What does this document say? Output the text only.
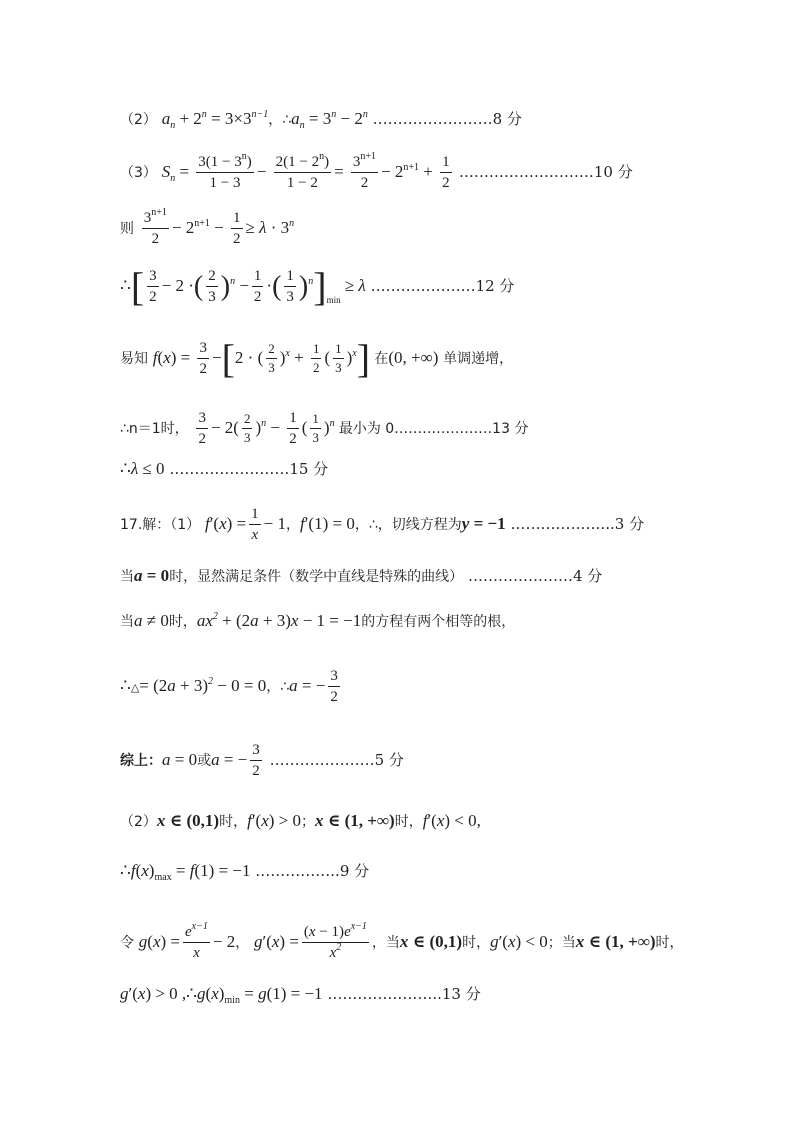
（2） $a_n + 2^n = 3\times 3^{n-1}$，$\therefore a_n = 3^n - 2^n$ ……………………8 分
（3） $S_n = \frac{3(1 - 3^n)}{1 - 3} - \frac{2(1 - 2^n)}{1 - 2} = \frac{3^{n+1}}{2} - 2^{n+1} + \frac{1}{2}$ ………………………10 分
则 $\frac{3^{n+1}}{2} - 2^{n+1} - \frac{1}{2} \ge \lambda \cdot 3^n$
∴[ $\frac{3}{2} - 2$ ·( $\frac{2}{3} )^n - \frac{1}{2}$ ·( $\frac{1}{3} )^n]_{min} \ge \lambda$ …………………12 分
易知 $f(x) = \frac{3}{2} -[2$ · ( $\frac{2}{3} )^x + \frac{1}{2}$ ( $\frac{1}{3} )^x$] 在(0, +∞) 单调递增，
∴n＝1时， $\frac{3}{2} - 2( \frac{2}{3} )^n - \frac{1}{2}$ ( $\frac{1}{3} )^n$ 最小为 0…………………13 分
∴λ ≤ 0 ……………………15 分
17.解：（1） $f'(x) = \frac{1}{x} - 1$，f′(1) = 0，∴，切线方程为y = −1 ………………...3 分
当a = 0时，显然满足条件（数学中直线是特殊的曲线） …………………4 分
当a ≠ 0时，$ax^2 + (2a + 3)x - 1 = -1$的方程有两个相等的根，
∴△= $(2a + 3)^2 - 0 = 0$，∴a = − $\frac{3}{2}$
综上：a = 0或a = − $\frac{3}{2}$ …………………5 分
（2）x ∈ (0,1)时，f′(x) > 0；x ∈ (1, +∞)时，f′(x) < 0,
$\therefore f(x)_{max} = f(1) = -1$ ……………..9 分
令 $g(x) = \frac{e^{x-1}}{x} - 2$， $g'(x) = \frac{(x - 1)e^{x-1}}{x^2}$ ，当x ∈ (0,1)时，g′(x) < 0；当x ∈ (1, +∞)时，
g′(x) > 0 $,\therefore g(x)_{min} = g(1) = -1$ …………………..13 分
